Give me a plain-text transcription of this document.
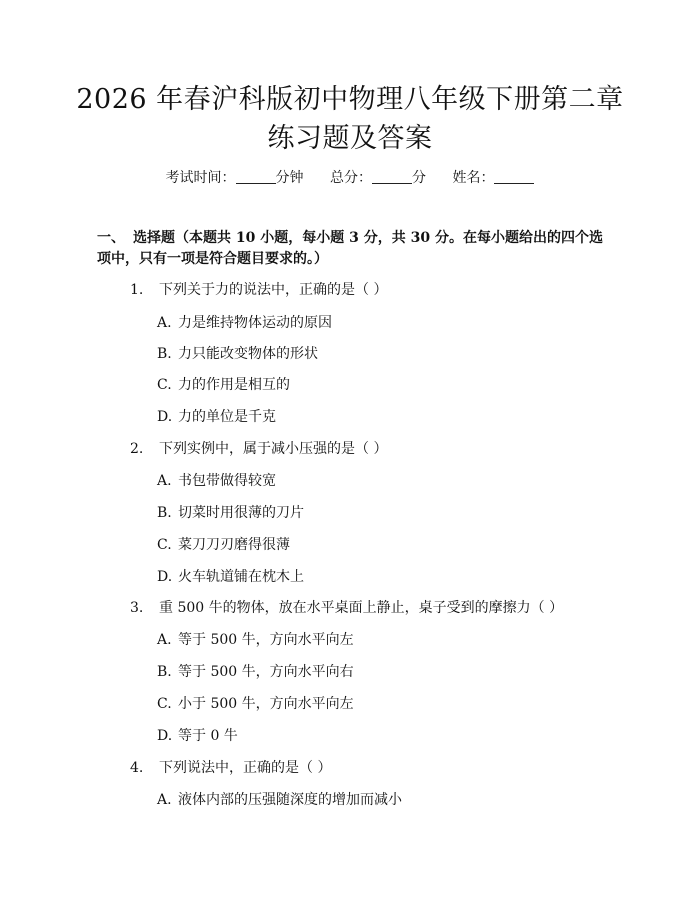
2026 年春沪科版初中物理八年级下册第二章
练习题及答案
考试时间：	分钟 总分：	分 姓名：
一、 选择题（本题共 10 小题，每小题 3 分，共 30 分。在每小题给出的四个选项中，只有一项是符合题目要求的。）
1. 下列关于力的说法中，正确的是（ ）
A. 力是维持物体运动的原因
B. 力只能改变物体的形状
C. 力的作用是相互的
D. 力的单位是千克
2. 下列实例中，属于减小压强的是（ ）
A. 书包带做得较宽
B. 切菜时用很薄的刀片
C. 菜刀刀刃磨得很薄
D. 火车轨道铺在枕木上
3. 重 500 牛的物体，放在水平桌面上静止，桌子受到的摩擦力（ ）
A. 等于 500 牛，方向水平向左
B. 等于 500 牛，方向水平向右
C. 小于 500 牛，方向水平向左
D. 等于 0 牛
4. 下列说法中，正确的是（ ）
A. 液体内部的压强随深度的增加而减小
